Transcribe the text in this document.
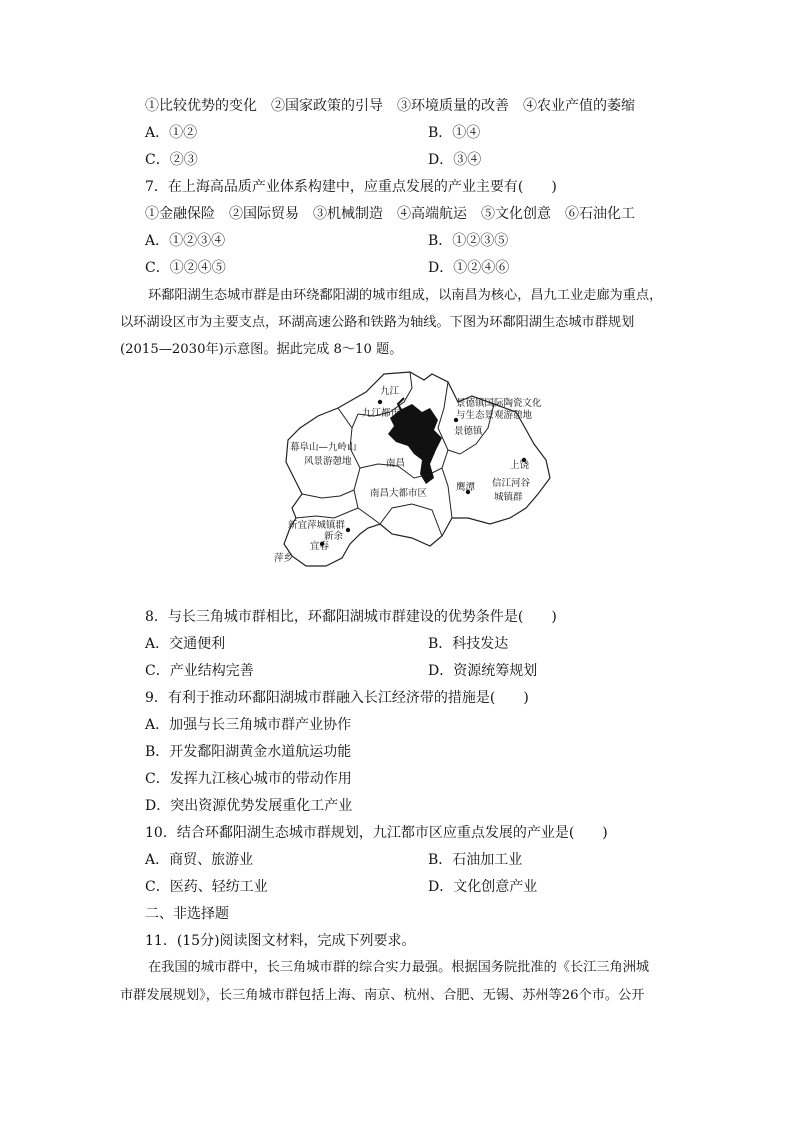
①比较优势的变化　②国家政策的引导　③环境质量的改善　④农业产值的萎缩
A．①②	B．①④
C．②③	D．③④
7．在上海高品质产业体系构建中，应重点发展的产业主要有(　　)
①金融保险　②国际贸易　③机械制造　④高端航运　⑤文化创意　⑥石油化工
A．①②③④	B．①②③⑤
C．①②④⑤	D．①②④⑥
环鄱阳湖生态城市群是由环绕鄱阳湖的城市组成，以南昌为核心，昌九工业走廊为重点，
以环湖设区市为主要支点，环湖高速公路和铁路为轴线。下图为环鄱阳湖生态城市群规划
(2015—2030年)示意图。据此完成 8～10 题。
九江
九江都市区
景德镇国际陶瓷文化
与生态景观游憩地
景德镇
幕阜山—九岭山
风景游憩地	南昌
南昌大都市区
鹰潭
上饶
信江河谷
城镇群
新宜萍城镇群
新余
宜春
萍乡
8．与长三角城市群相比，环鄱阳湖城市群建设的优势条件是(　　)
A．交通便利	B．科技发达
C．产业结构完善	D．资源统筹规划
9．有利于推动环鄱阳湖城市群融入长江经济带的措施是(　　)
A．加强与长三角城市群产业协作
B．开发鄱阳湖黄金水道航运功能
C．发挥九江核心城市的带动作用
D．突出资源优势发展重化工产业
10．结合环鄱阳湖生态城市群规划，九江都市区应重点发展的产业是(　　)
A．商贸、旅游业	B．石油加工业
C．医药、轻纺工业	D．文化创意产业
二、非选择题
11．(15分)阅读图文材料，完成下列要求。
在我国的城市群中，长三角城市群的综合实力最强。根据国务院批准的《长江三角洲城
市群发展规划》，长三角城市群包括上海、南京、杭州、合肥、无锡、苏州等26个市。公开
